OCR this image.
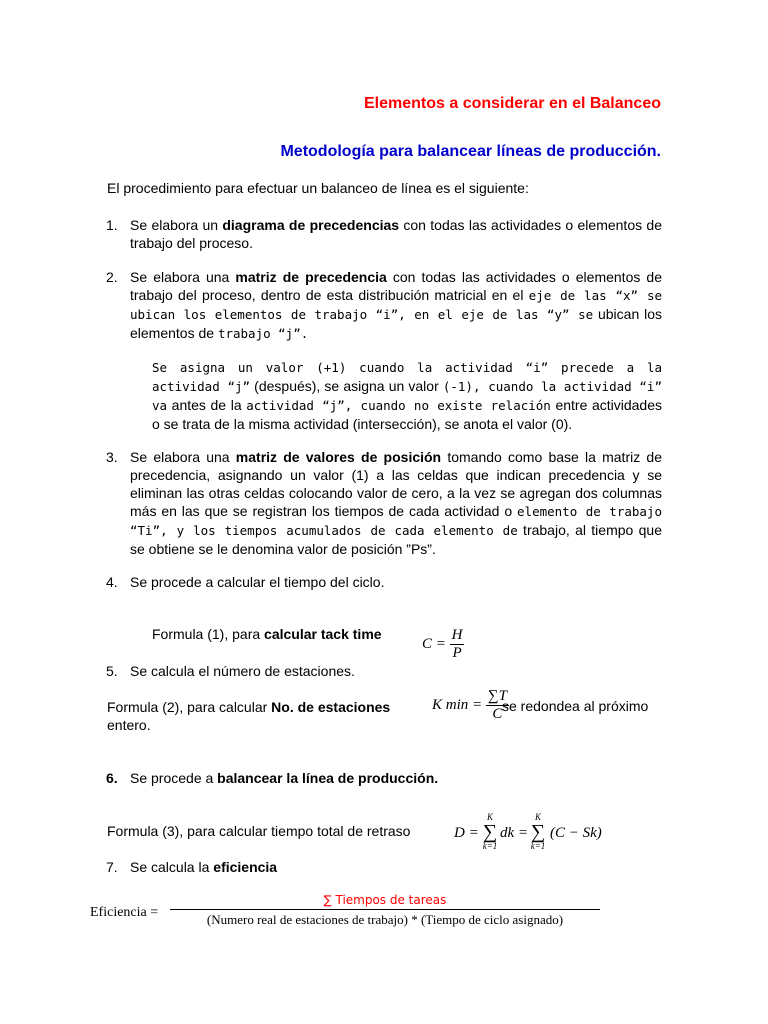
Elementos a considerar en el Balanceo
Metodología para balancear líneas de producción.
El procedimiento para efectuar un balanceo de línea es el siguiente:
1. Se elabora un diagrama de precedencias con todas las actividades o elementos de trabajo del proceso.
2. Se elabora una matriz de precedencia con todas las actividades o elementos de trabajo del proceso, dentro de esta distribución matricial en el eje de las “x” se ubican los elementos de trabajo “i”, en el eje de las “y” se ubican los elementos de trabajo “j”.
Se asigna un valor (+1) cuando la actividad “i” precede a la actividad “j” (después), se asigna un valor (-1), cuando la actividad “i” va antes de la actividad “j”, cuando no existe relación entre actividades o se trata de la misma actividad (intersección), se anota el valor (0).
3. Se elabora una matriz de valores de posición tomando como base la matriz de precedencia, asignando un valor (1) a las celdas que indican precedencia y se eliminan las otras celdas colocando valor de cero, a la vez se agregan dos columnas más en las que se registran los tiempos de cada actividad o elemento de trabajo “Ti”, y los tiempos acumulados de cada elemento de trabajo, al tiempo que se obtiene se le denomina valor de posición ”Ps”.
4. Se procede a calcular el tiempo del ciclo.
Formula (1), para calcular tack time
$C = \frac{H}{P}$
5. Se calcula el número de estaciones.
Formula (2), para calcular No. de estaciones
entero.
K $\min = \frac{\sum T}{C}$
se redondea al próximo
6. Se procede a balancear la línea de producción.
Formula (3), para calcular tiempo total de retraso	D =
K
∑
k=1
dk =
K
∑
k=1
(C − Sk)
7. Se calcula la eficiencia
Eficiencia =
∑ Tiempos de tareas
(Numero real de estaciones de trabajo) * (Tiempo de ciclo asignado)
